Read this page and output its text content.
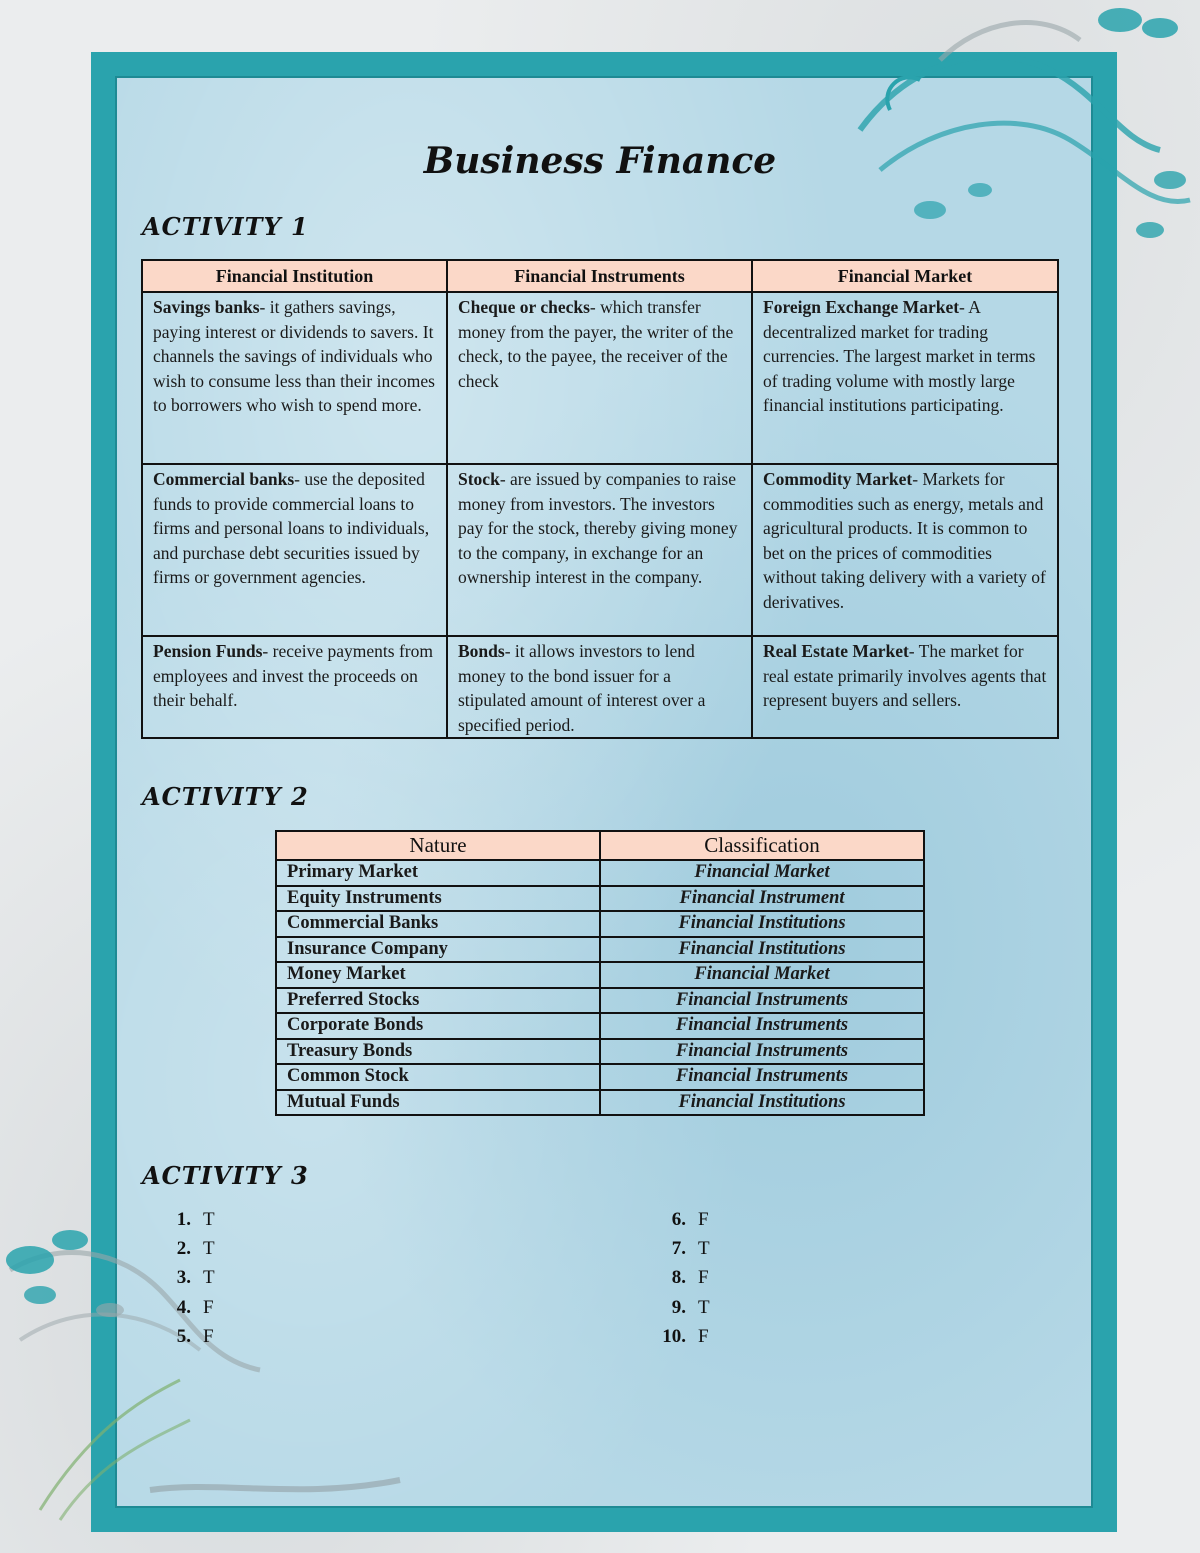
Business Finance
ACTIVITY 1
Financial Institution	Financial Instruments	Financial Market
Savings banks- it gathers savings, paying interest or dividends to savers. It channels the savings of individuals who wish to consume less than their incomes to borrowers who wish to spend more.	Cheque or checks- which transfer money from the payer, the writer of the check, to the payee, the receiver of the check	Foreign Exchange Market- A decentralized market for trading currencies. The largest market in terms of trading volume with mostly large financial institutions participating.
Commercial banks- use the deposited funds to provide commercial loans to firms and personal loans to individuals, and purchase debt securities issued by firms or government agencies.	Stock- are issued by companies to raise money from investors. The investors pay for the stock, thereby giving money to the company, in exchange for an ownership interest in the company.	Commodity Market- Markets for commodities such as energy, metals and agricultural products. It is common to bet on the prices of commodities without taking delivery with a variety of derivatives.
Pension Funds- receive payments from employees and invest the proceeds on their behalf.	Bonds- it allows investors to lend money to the bond issuer for a stipulated amount of interest over a specified period.	Real Estate Market- The market for real estate primarily involves agents that represent buyers and sellers.
ACTIVITY 2
Nature	Classification
Primary Market	Financial Market
Equity Instruments	Financial Instrument
Commercial Banks	Financial Institutions
Insurance Company	Financial Institutions
Money Market	Financial Market
Preferred Stocks	Financial Instruments
Corporate Bonds	Financial Instruments
Treasury Bonds	Financial Instruments
Common Stock	Financial Instruments
Mutual Funds	Financial Institutions
ACTIVITY 3
1. T
2. T
3. T
4. F
5. F
6. F
7. T
8. F
9. T
10. F
